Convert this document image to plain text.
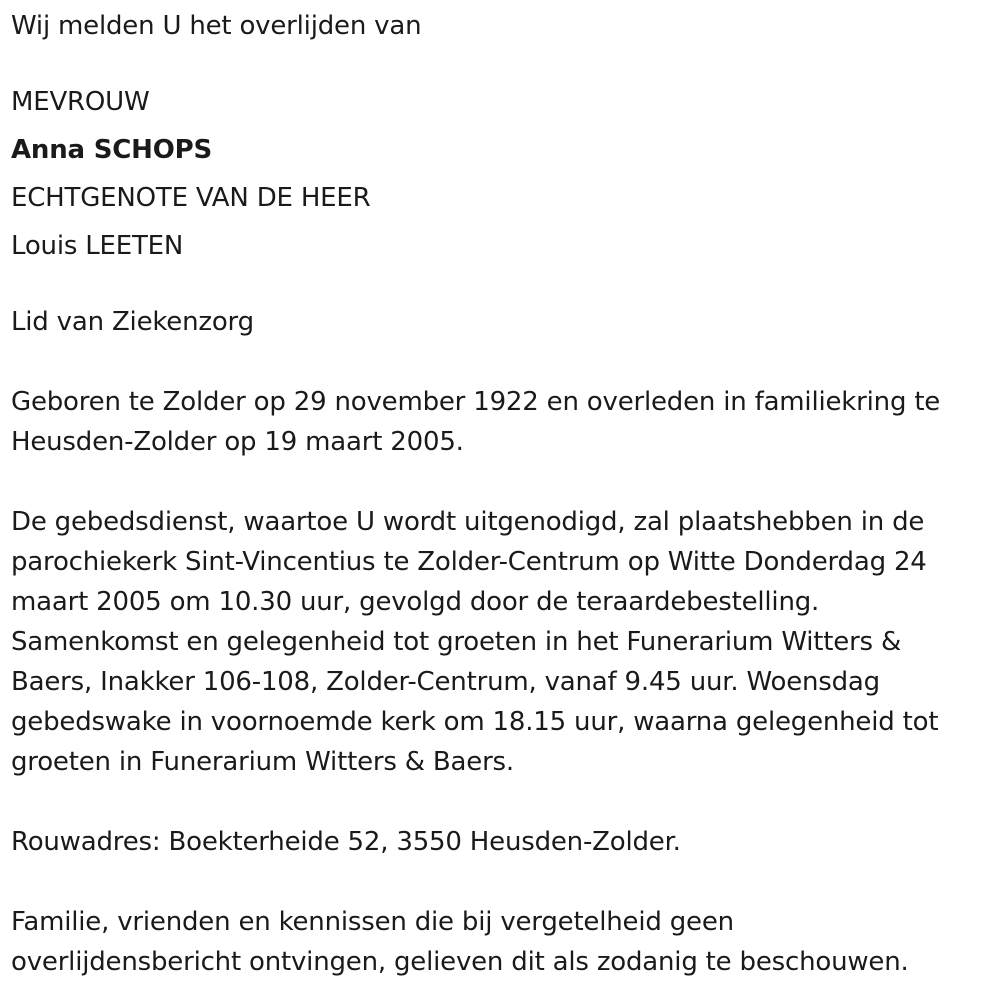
Wij melden U het overlijden van

MEVROUW

Anna SCHOPS

ECHTGENOTE VAN DE HEER

Louis LEETEN

Lid van Ziekenzorg

Geboren te Zolder op 29 november 1922 en overleden in familiekring te

Heusden-Zolder op 19 maart 2005.

De gebedsdienst, waartoe U wordt uitgenodigd, zal plaatshebben in de

parochiekerk Sint-Vincentius te Zolder-Centrum op Witte Donderdag 24

maart 2005 om 10.30 uur, gevolgd door de teraardebestelling.

Samenkomst en gelegenheid tot groeten in het Funerarium Witters &

Baers, Inakker 106-108, Zolder-Centrum, vanaf 9.45 uur. Woensdag

gebedswake in voornoemde kerk om 18.15 uur, waarna gelegenheid tot

groeten in Funerarium Witters & Baers.

Rouwadres: Boekterheide 52, 3550 Heusden-Zolder.

Familie, vrienden en kennissen die bij vergetelheid geen

overlijdensbericht ontvingen, gelieven dit als zodanig te beschouwen.
